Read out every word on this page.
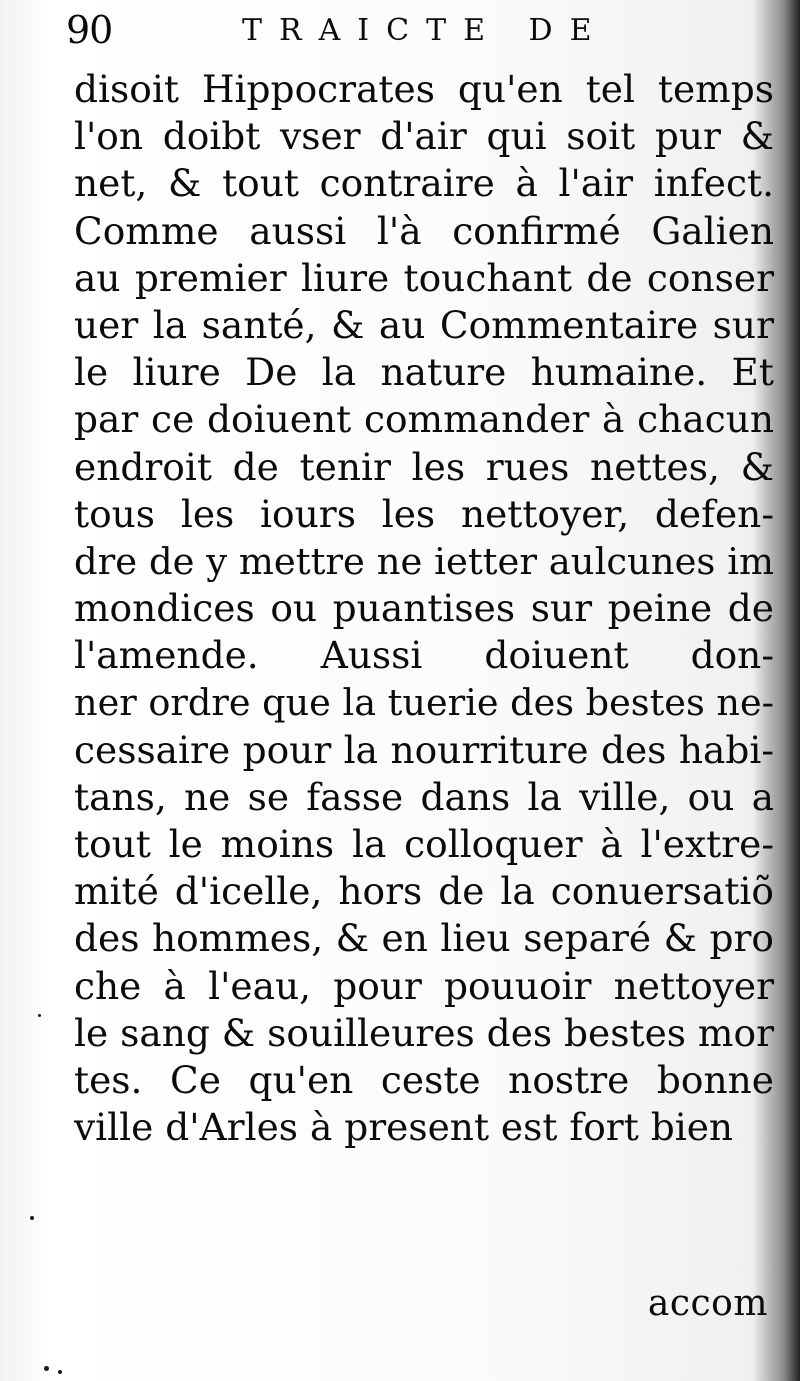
90	TRAICTE DE
disoit Hippocrates qu'en tel temps
l'on doibt vser d'air qui soit pur &
net, & tout contraire à l'air infect.
Comme aussi l'à confirmé Galien
au premier liure touchant de conser
uer la santé, & au Commentaire sur
le liure De la nature humaine. Et
par ce doiuent commander à chacun
endroit de tenir les rues nettes, &
tous les iours les nettoyer, defen-
dre de y mettre ne ietter aulcunes im
mondices ou puantises sur peine de
l'amende. Aussi doiuent don-
ner ordre que la tuerie des bestes ne-
cessaire pour la nourriture des habi-
tans, ne se fasse dans la ville, ou a
tout le moins la colloquer à l'extre-
mité d'icelle, hors de la conuersatiõ
des hommes, & en lieu separé & pro
che à l'eau, pour pouuoir nettoyer
le sang & souilleures des bestes mor
tes. Ce qu'en ceste nostre bonne
ville d'Arles à present est fort bien
accom
